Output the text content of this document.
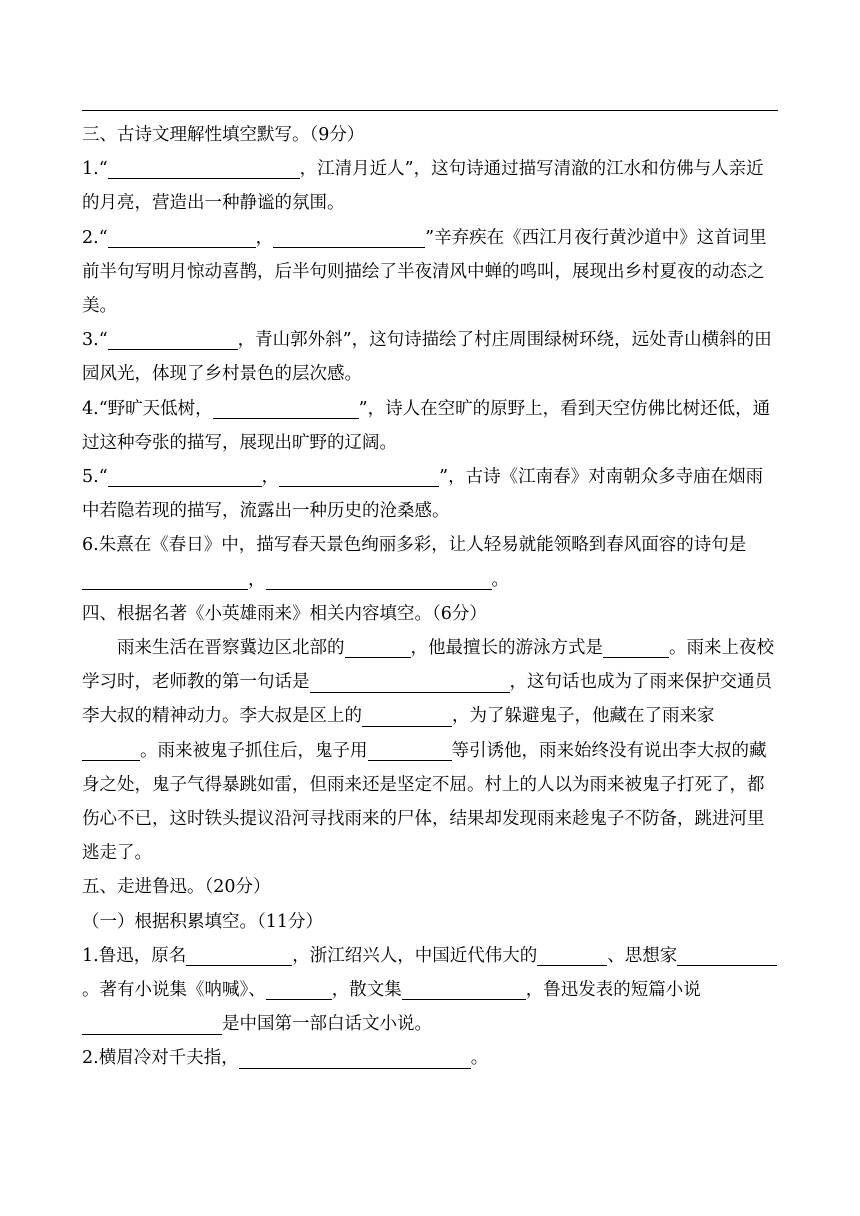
三、古诗文理解性填空默写。（9分）

1.“	，江清月近人”，这句诗通过描写清澈的江水和仿佛与人亲近的月亮，营造出一种静谧的氛围。

2.“	，	”辛弃疾在《西江月夜行黄沙道中》这首词里前半句写明月惊动喜鹊，后半句则描绘了半夜清风中蝉的鸣叫，展现出乡村夏夜的动态之美。

3.“	，青山郭外斜”，这句诗描绘了村庄周围绿树环绕，远处青山横斜的田园风光，体现了乡村景色的层次感。

4.“野旷天低树，	”，诗人在空旷的原野上，看到天空仿佛比树还低，通过这种夸张的描写，展现出旷野的辽阔。

5.“	，	”，古诗《江南春》对南朝众多寺庙在烟雨中若隐若现的描写，流露出一种历史的沧桑感。

6.朱熹在《春日》中，描写春天景色绚丽多彩，让人轻易就能领略到春风面容的诗句是，	。

四、根据名著《小英雄雨来》相关内容填空。（6分）

雨来生活在晋察冀边区北部的	，他最擅长的游泳方式是	。雨来上夜校学习时，老师教的第一句话是	，这句话也成为了雨来保护交通员李大叔的精神动力。李大叔是区上的	，为了躲避鬼子，他藏在了雨来家 。雨来被鬼子抓住后，鬼子用	等引诱他，雨来始终没有说出李大叔的藏身之处，鬼子气得暴跳如雷，但雨来还是坚定不屈。村上的人以为雨来被鬼子打死了，都伤心不已，这时铁头提议沿河寻找雨来的尸体，结果却发现雨来趁鬼子不防备，跳进河里逃走了。

五、走进鲁迅。（20分）

（一）根据积累填空。（11分）

1.鲁迅，原名	，浙江绍兴人，中国近代伟大的	、思想家。著有小说集《呐喊》、	，散文集	，鲁迅发表的短篇小说是中国第一部白话文小说。

2.横眉冷对千夫指，	。
